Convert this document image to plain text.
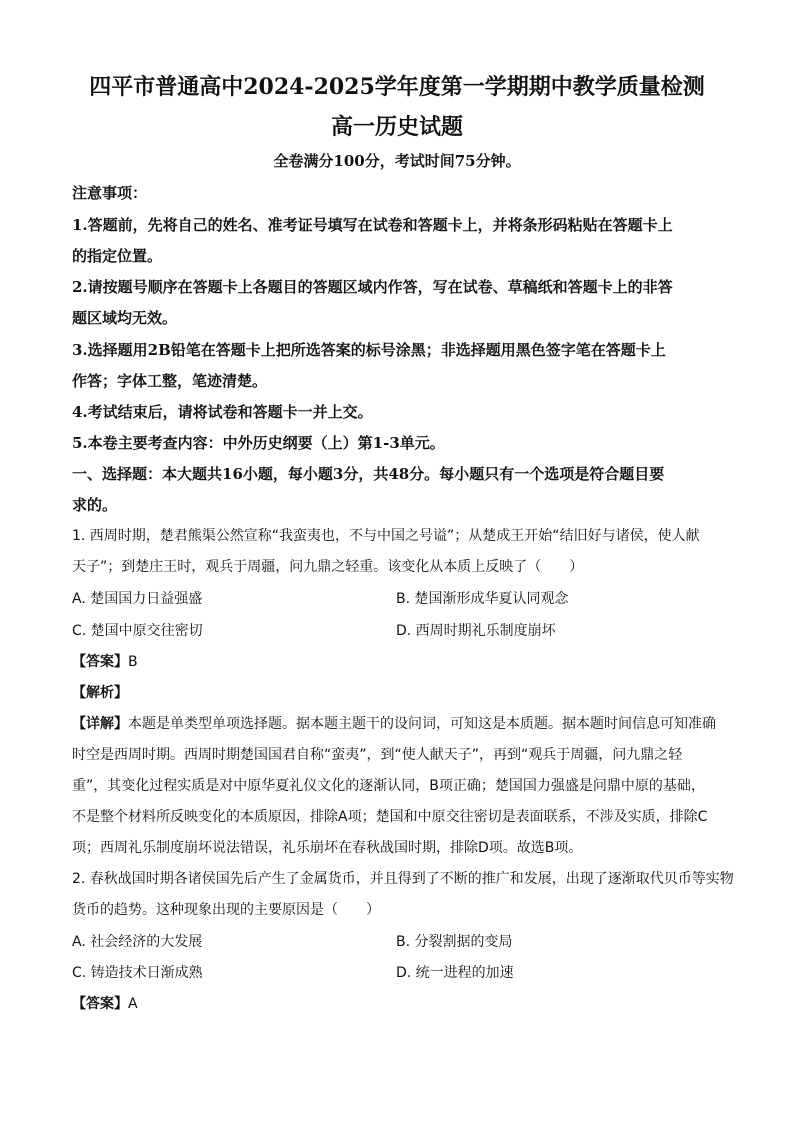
四平市普通高中2024-2025学年度第一学期期中教学质量检测
高一历史试题
全卷满分100分，考试时间75分钟。
注意事项：
1.答题前，先将自己的姓名、准考证号填写在试卷和答题卡上，并将条形码粘贴在答题卡上
的指定位置。
2.请按题号顺序在答题卡上各题目的答题区域内作答，写在试卷、草稿纸和答题卡上的非答
题区域均无效。
3.选择题用2B铅笔在答题卡上把所选答案的标号涂黑；非选择题用黑色签字笔在答题卡上
作答；字体工整，笔迹清楚。
4.考试结束后，请将试卷和答题卡一并上交。
5.本卷主要考查内容：中外历史纲要（上）第1-3单元。
一、选择题：本大题共16小题，每小题3分，共48分。每小题只有一个选项是符合题目要
求的。
1. 西周时期，楚君熊渠公然宣称“我蛮夷也，不与中国之号谥”；从楚成王开始“结旧好与诸侯，使人献
天子”；到楚庄王时，观兵于周疆，问九鼎之轻重。该变化从本质上反映了（　　）
A. 楚国国力日益强盛	B. 楚国渐形成华夏认同观念
C. 楚国中原交往密切	D. 西周时期礼乐制度崩坏
【答案】B
【解析】
【详解】本题是单类型单项选择题。据本题主题干的设问词，可知这是本质题。据本题时间信息可知准确
时空是西周时期。西周时期楚国国君自称“蛮夷”，到“使人献天子”，再到“观兵于周疆，问九鼎之轻
重”，其变化过程实质是对中原华夏礼仪文化的逐渐认同，B项正确；楚国国力强盛是问鼎中原的基础，
不是整个材料所反映变化的本质原因，排除A项；楚国和中原交往密切是表面联系，不涉及实质，排除C
项；西周礼乐制度崩坏说法错误，礼乐崩坏在春秋战国时期，排除D项。故选B项。
2. 春秋战国时期各诸侯国先后产生了金属货币，并且得到了不断的推广和发展，出现了逐渐取代贝币等实物
货币的趋势。这种现象出现的主要原因是（　　）
A. 社会经济的大发展	B. 分裂割据的变局
C. 铸造技术日渐成熟	D. 统一进程的加速
【答案】A
